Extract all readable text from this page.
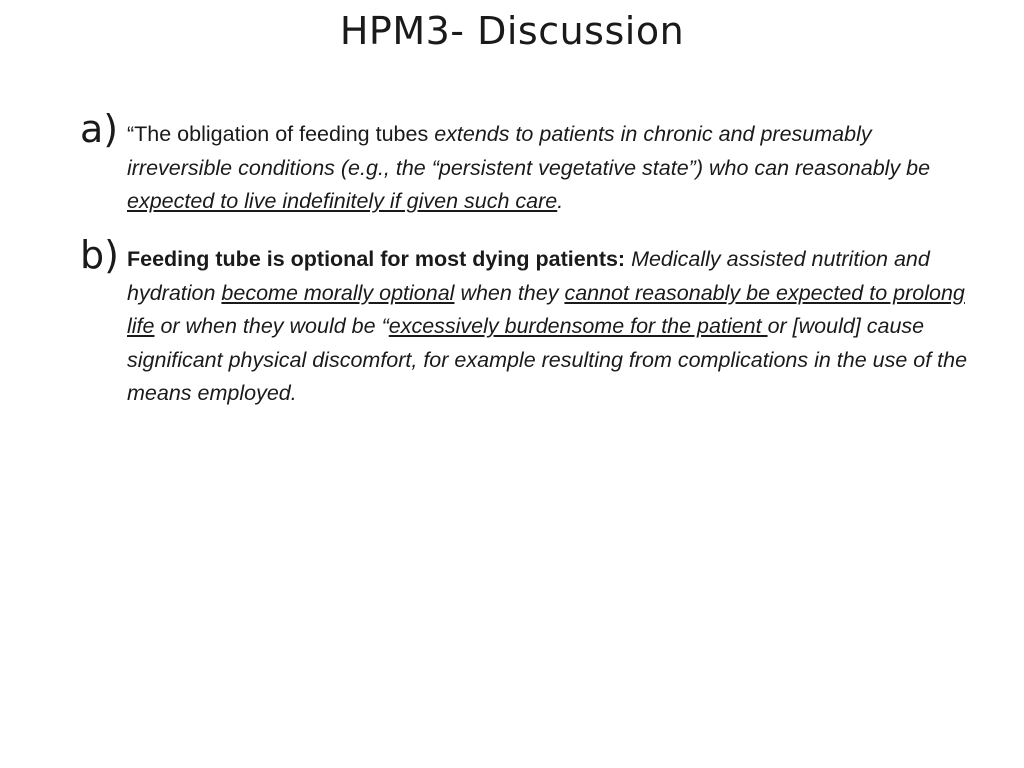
HPM3- Discussion
a) “The obligation of feeding tubes extends to patients in chronic and presumably irreversible conditions (e.g., the “persistent vegetative state”) who can reasonably be expected to live indefinitely if given such care.
b) Feeding tube is optional for most dying patients: Medically assisted nutrition and hydration become morally optional when they cannot reasonably be expected to prolong life or when they would be “excessively burdensome for the patient or [would] cause significant physical discomfort, for example resulting from complications in the use of the means employed.
